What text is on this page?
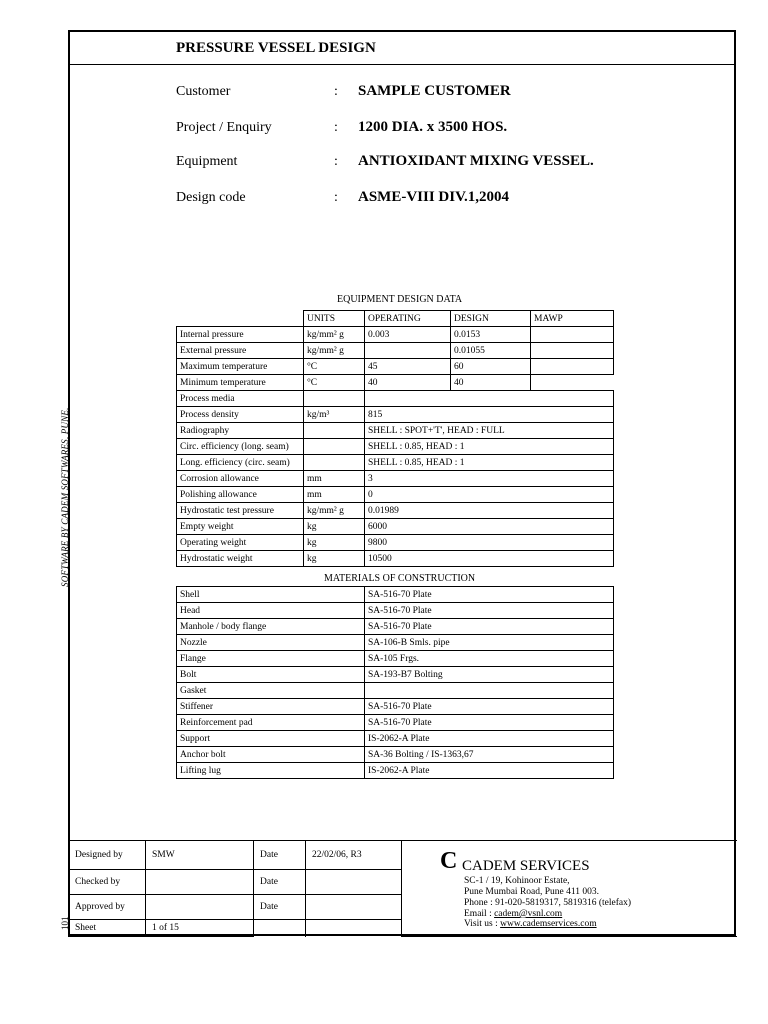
SOFTWARE BY CADEM SOFTWARES, PUNE.
101
PRESSURE VESSEL DESIGN
Customer	: SAMPLE CUSTOMER
Project / Enquiry	: 1200 DIA. x 3500 HOS.
Equipment	: ANTIOXIDANT MIXING VESSEL.
Design code	: ASME-VIII DIV.1,2004
EQUIPMENT DESIGN DATA
	UNITS	OPERATING	DESIGN	MAWP
Internal pressure	kg/mm² g	0.003	0.0153	
External pressure	kg/mm² g		0.01055	
Maximum temperature	°C	45	60	
Minimum temperature	°C	40	40	
Process media				
Process density	kg/m³	815		
Radiography		SHELL : SPOT+'T', HEAD : FULL		
Circ. efficiency (long. seam)		SHELL : 0.85, HEAD : 1		
Long. efficiency (circ. seam)		SHELL : 0.85, HEAD : 1		
Corrosion allowance	mm	3		
Polishing allowance	mm	0		
Hydrostatic test pressure	kg/mm² g	0.01989		
Empty weight	kg	6000		
Operating weight	kg	9800		
Hydrostatic weight	kg	10500		
MATERIALS OF CONSTRUCTION
Shell	SA-516-70 Plate
Head	SA-516-70 Plate
Manhole / body flange	SA-516-70 Plate
Nozzle	SA-106-B Smls. pipe
Flange	SA-105 Frgs.
Bolt	SA-193-B7 Bolting
Gasket	
Stiffener	SA-516-70 Plate
Reinforcement pad	SA-516-70 Plate
Support	IS-2062-A Plate
Anchor bolt	SA-36 Bolting / IS-1363,67
Lifting lug	IS-2062-A Plate
Designed by	SMW	Date	22/02/06, R3	
Checked by		Date		
Approved by		Date		
Sheet	1 of 15			
C CADEM SERVICES
SC-1 / 19, Kohinoor Estate,
Pune Mumbai Road, Pune 411 003.
Phone : 91-020-5819317, 5819316 (telefax)
Email : cadem@vsnl.com
Visit us : www.cademservices.com
